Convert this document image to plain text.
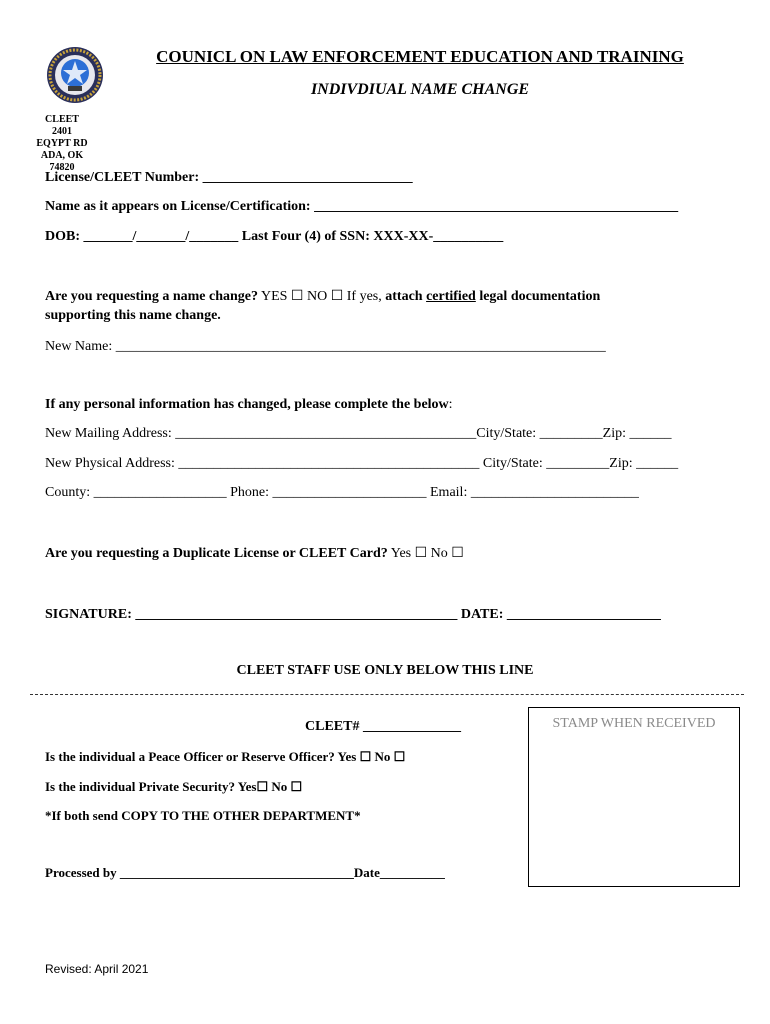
COUNICL ON LAW ENFORCEMENT EDUCATION AND TRAINING
INDIVDIUAL NAME CHANGE
CLEET
2401 EQYPT RD
ADA, OK 74820
License/CLEET Number: ______________________________
Name as it appears on License/Certification: ____________________________________________________
DOB: _______/_______/_______ Last Four (4) of SSN: XXX-XX-__________
Are you requesting a name change? YES ☐ NO ☐ If yes, attach certified legal documentation
supporting this name change.
New Name: ______________________________________________________________________
If any personal information has changed, please complete the below:
New Mailing Address: ___________________________________________City/State: _________Zip: ______
New Physical Address: ___________________________________________ City/State: _________Zip: ______
County: ___________________ Phone: ______________________ Email: ________________________
Are you requesting a Duplicate License or CLEET Card? Yes ☐ No ☐
SIGNATURE: ______________________________________________ DATE: ______________________
CLEET STAFF USE ONLY BELOW THIS LINE
CLEET# ______________
Is the individual a Peace Officer or Reserve Officer? Yes ☐ No ☐
Is the individual Private Security? Yes☐ No ☐
*If both send COPY TO THE OTHER DEPARTMENT*
Processed by ____________________________________Date__________
STAMP WHEN RECEIVED
Revised: April 2021
